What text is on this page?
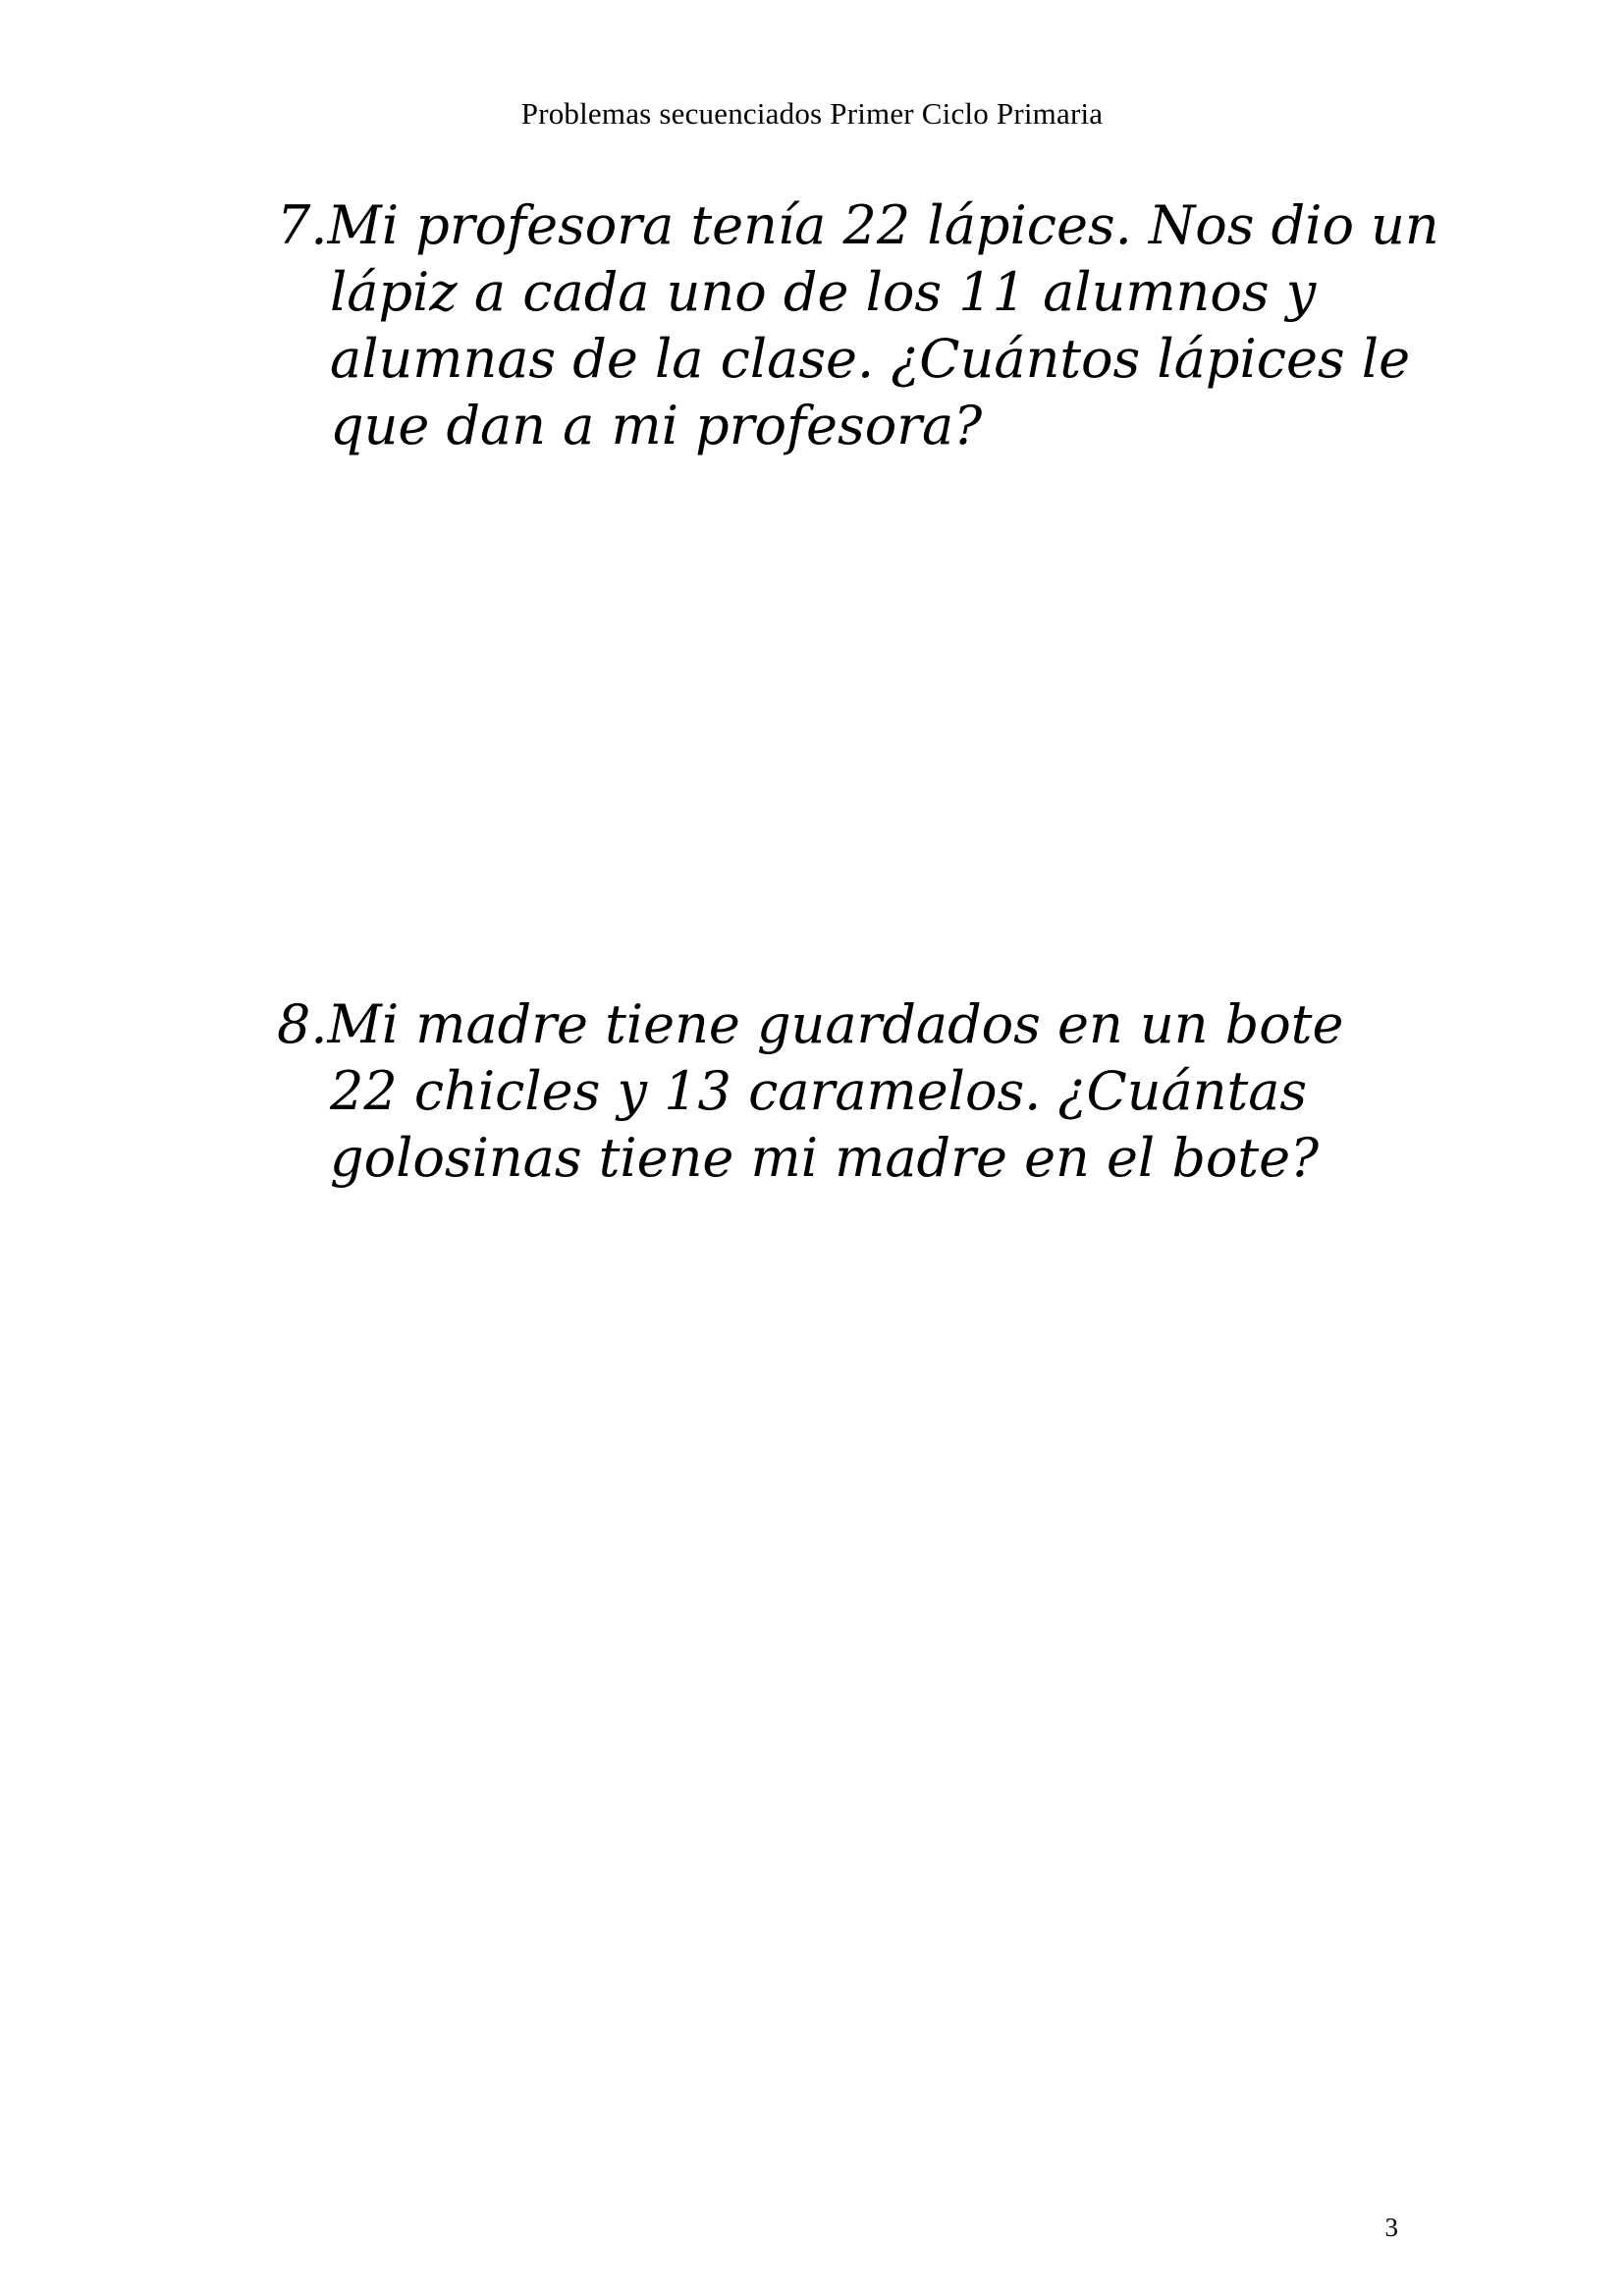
Problemas secuenciados Primer Ciclo Primaria
7.Mi profesora tenía 22 lápices. Nos dio un
lápiz a cada uno de los 11 alumnos y
alumnas de la clase. ¿Cuántos lápices le
que dan a mi profesora?
8.Mi madre tiene guardados en un bote
22 chicles y 13 caramelos. ¿Cuántas
golosinas tiene mi madre en el bote?
3
